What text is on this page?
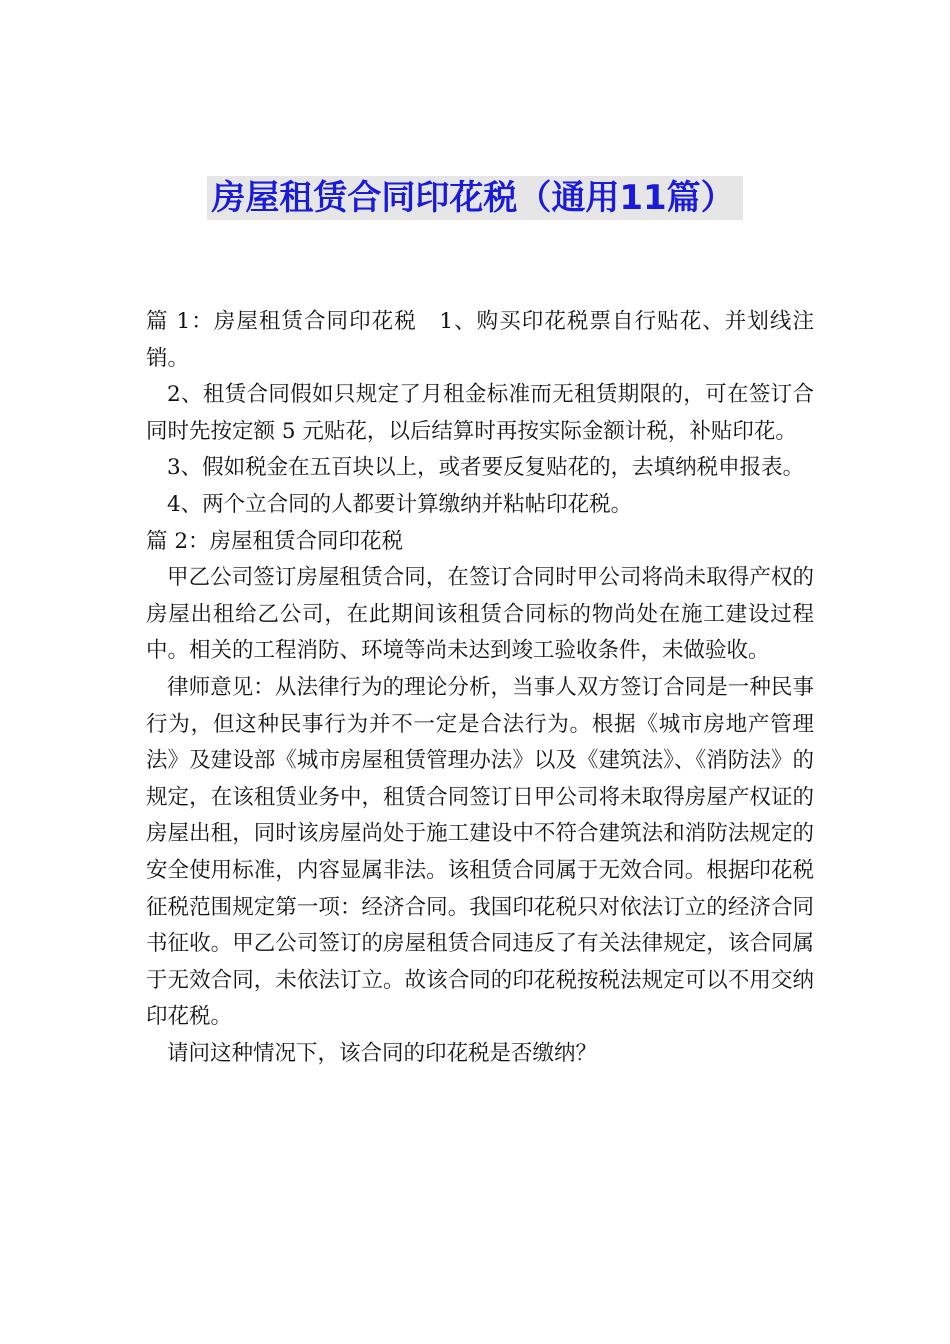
房屋租赁合同印花税（通用11篇）

篇 1：房屋租赁合同印花税　1、购买印花税票自行贴花、并划线注销。

2、租赁合同假如只规定了月租金标准而无租赁期限的，可在签订合同时先按定额 5 元贴花，以后结算时再按实际金额计税，补贴印花。

3、假如税金在五百块以上，或者要反复贴花的，去填纳税申报表。

4、两个立合同的人都要计算缴纳并粘帖印花税。

篇 2：房屋租赁合同印花税

甲乙公司签订房屋租赁合同，在签订合同时甲公司将尚未取得产权的房屋出租给乙公司，在此期间该租赁合同标的物尚处在施工建设过程中。相关的工程消防、环境等尚未达到竣工验收条件，未做验收。

律师意见：从法律行为的理论分析，当事人双方签订合同是一种民事行为，但这种民事行为并不一定是合法行为。根据《城市房地产管理法》及建设部《城市房屋租赁管理办法》以及《建筑法》、《消防法》的规定，在该租赁业务中，租赁合同签订日甲公司将未取得房屋产权证的房屋出租，同时该房屋尚处于施工建设中不符合建筑法和消防法规定的安全使用标准，内容显属非法。该租赁合同属于无效合同。根据印花税征税范围规定第一项：经济合同。我国印花税只对依法订立的经济合同书征收。甲乙公司签订的房屋租赁合同违反了有关法律规定，该合同属于无效合同，未依法订立。故该合同的印花税按税法规定可以不用交纳印花税。

请问这种情况下，该合同的印花税是否缴纳？
